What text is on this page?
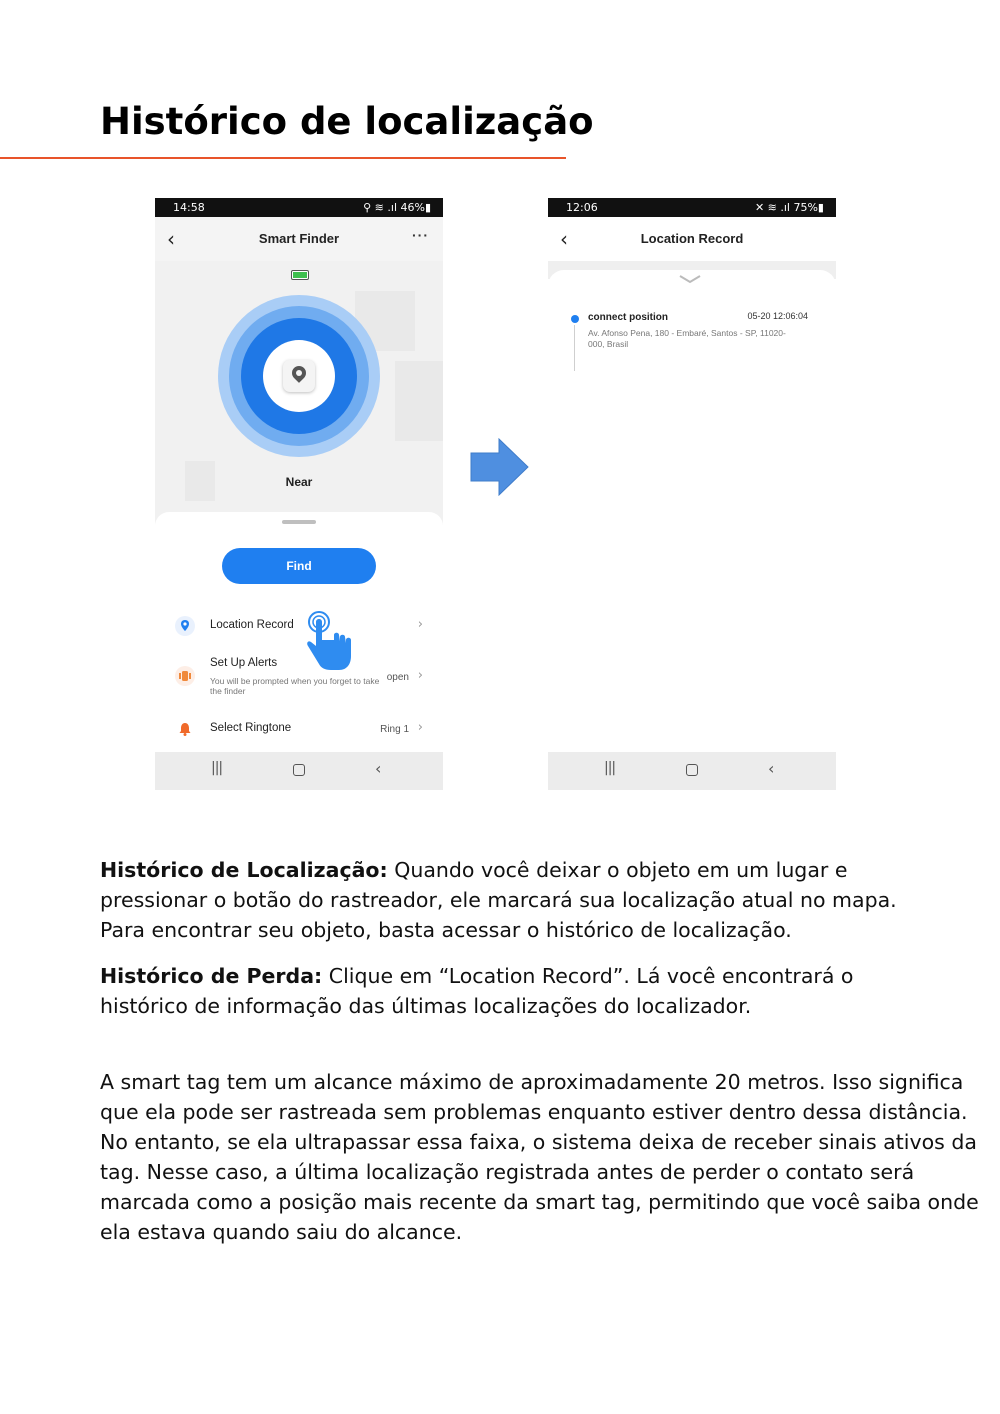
Histórico de localização
14:58	⚲ ≋ .ıl 46%▮
‹	Smart Finder	···
Near
Find
Location Record	›
Set Up Alerts
You will be prompted when you forget to take the finder
open ›
Select Ringtone	Ring 1 ›
|||	‹
12:06	✕ ≋ .ıl 75%▮
‹	Location Record
connect position	05-20 12:06:04
Av. Afonso Pena, 180 - Embaré, Santos - SP, 11020-000, Brasil
|||	‹

Histórico de Localização: Quando você deixar o objeto em um lugar e pressionar o botão do rastreador, ele marcará sua localização atual no mapa. Para encontrar seu objeto, basta acessar o histórico de localização.

Histórico de Perda: Clique em “Location Record”. Lá você encontrará o histórico de informação das últimas localizações do localizador.

A smart tag tem um alcance máximo de aproximadamente 20 metros. Isso significa que ela pode ser rastreada sem problemas enquanto estiver dentro dessa distância. No entanto, se ela ultrapassar essa faixa, o sistema deixa de receber sinais ativos da tag. Nesse caso, a última localização registrada antes de perder o contato será marcada como a posição mais recente da smart tag, permitindo que você saiba onde ela estava quando saiu do alcance.
